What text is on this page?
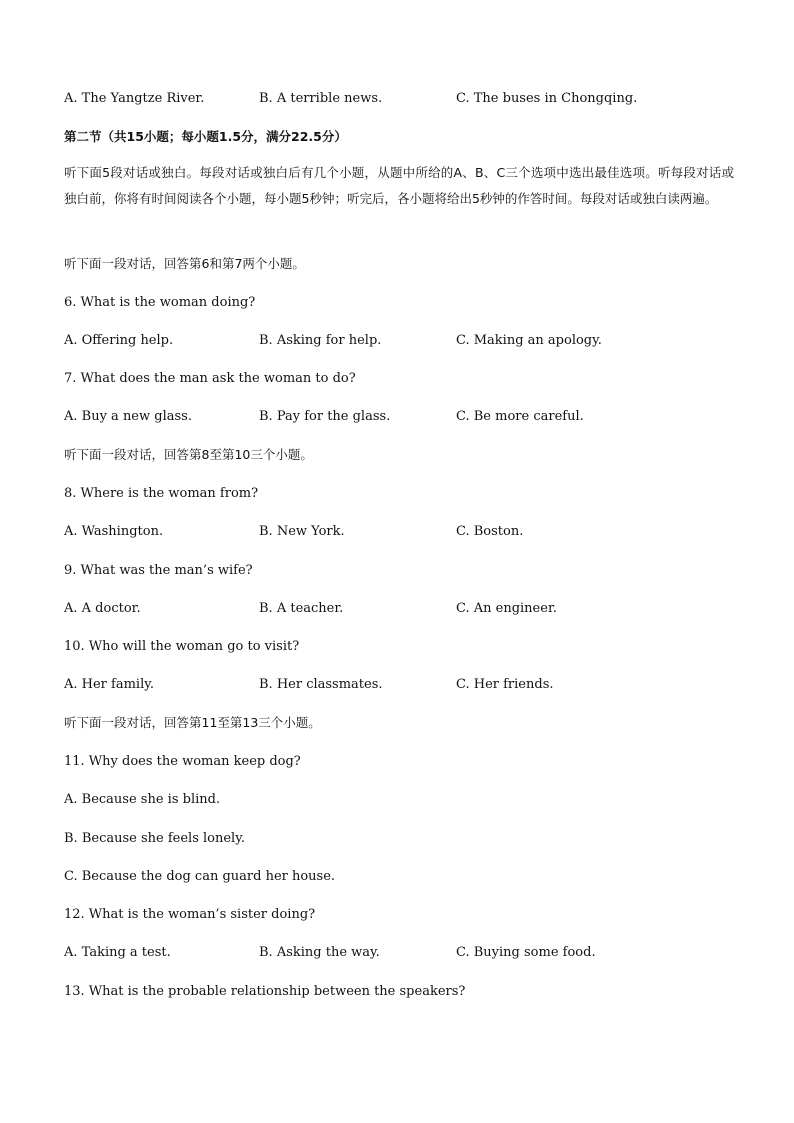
A. The Yangtze River.	B. A terrible news.	C. The buses in Chongqing.
第二节（共15小题；每小题1.5分，满分22.5分）
听下面5段对话或独白。每段对话或独白后有几个小题，从题中所给的A、B、C三个选项中选出最佳选项。听每段对话或独白前，你将有时间阅读各个小题，每小题5秒钟；听完后，各小题将给出5秒钟的作答时间。每段对话或独白读两遍。
听下面一段对话，回答第6和第7两个小题。
6. What is the woman doing?
A. Offering help.	B. Asking for help.	C. Making an apology.
7. What does the man ask the woman to do?
A. Buy a new glass.	B. Pay for the glass.	C. Be more careful.
听下面一段对话，回答第8至第10三个小题。
8. Where is the woman from?
A. Washington.	B. New York.	C. Boston.
9. What was the man’s wife?
A. A doctor.	B. A teacher.	C. An engineer.
10. Who will the woman go to visit?
A. Her family.	B. Her classmates.	C. Her friends.
听下面一段对话，回答第11至第13三个小题。
11. Why does the woman keep dog?
A. Because she is blind.
B. Because she feels lonely.
C. Because the dog can guard her house.
12. What is the woman’s sister doing?
A. Taking a test.	B. Asking the way.	C. Buying some food.
13. What is the probable relationship between the speakers?
